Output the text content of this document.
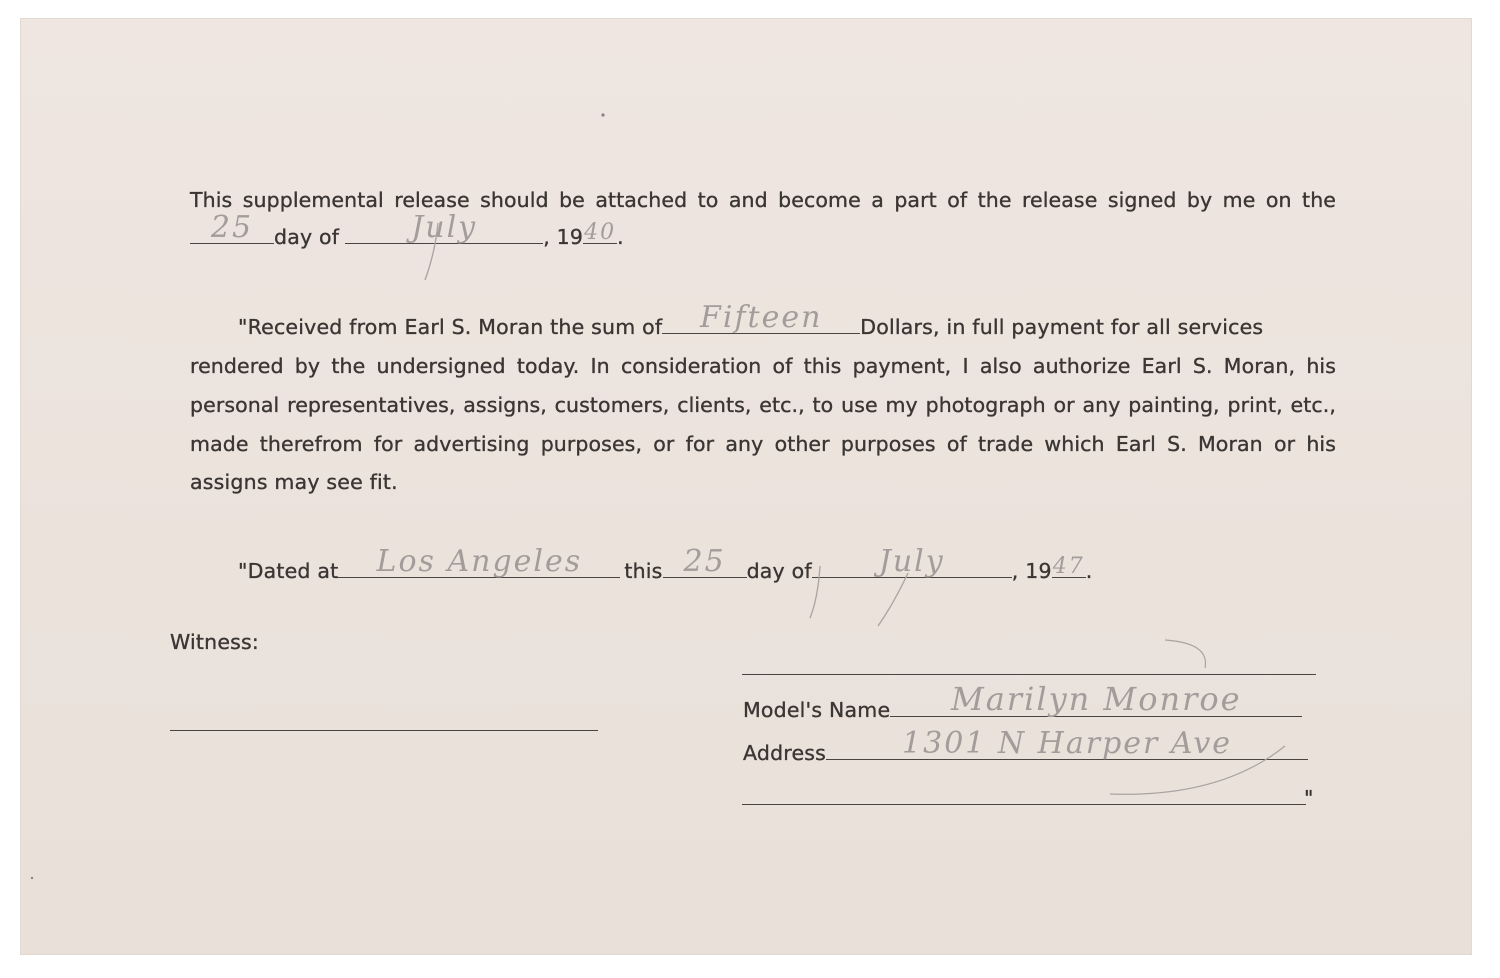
This supplemental release should be attached to and become a part of the release signed by me on the
25	day of	July	, 19 40 .
"Received from Earl S. Moran the sum of	Fifteen	Dollars, in full payment for all services
rendered by the undersigned today. In consideration of this payment, I also authorize Earl S. Moran, his
personal representatives, assigns, customers, clients, etc., to use my photograph or any painting, print, etc.,
made therefrom for advertising purposes, or for any other purposes of trade which Earl S. Moran or his
assigns may see fit.
"Dated at	Los Angeles	this 25	day of	July	, 19 47 .
Witness:
Model's Name	Marilyn Monroe
Address	1301 N Harper Ave
"
